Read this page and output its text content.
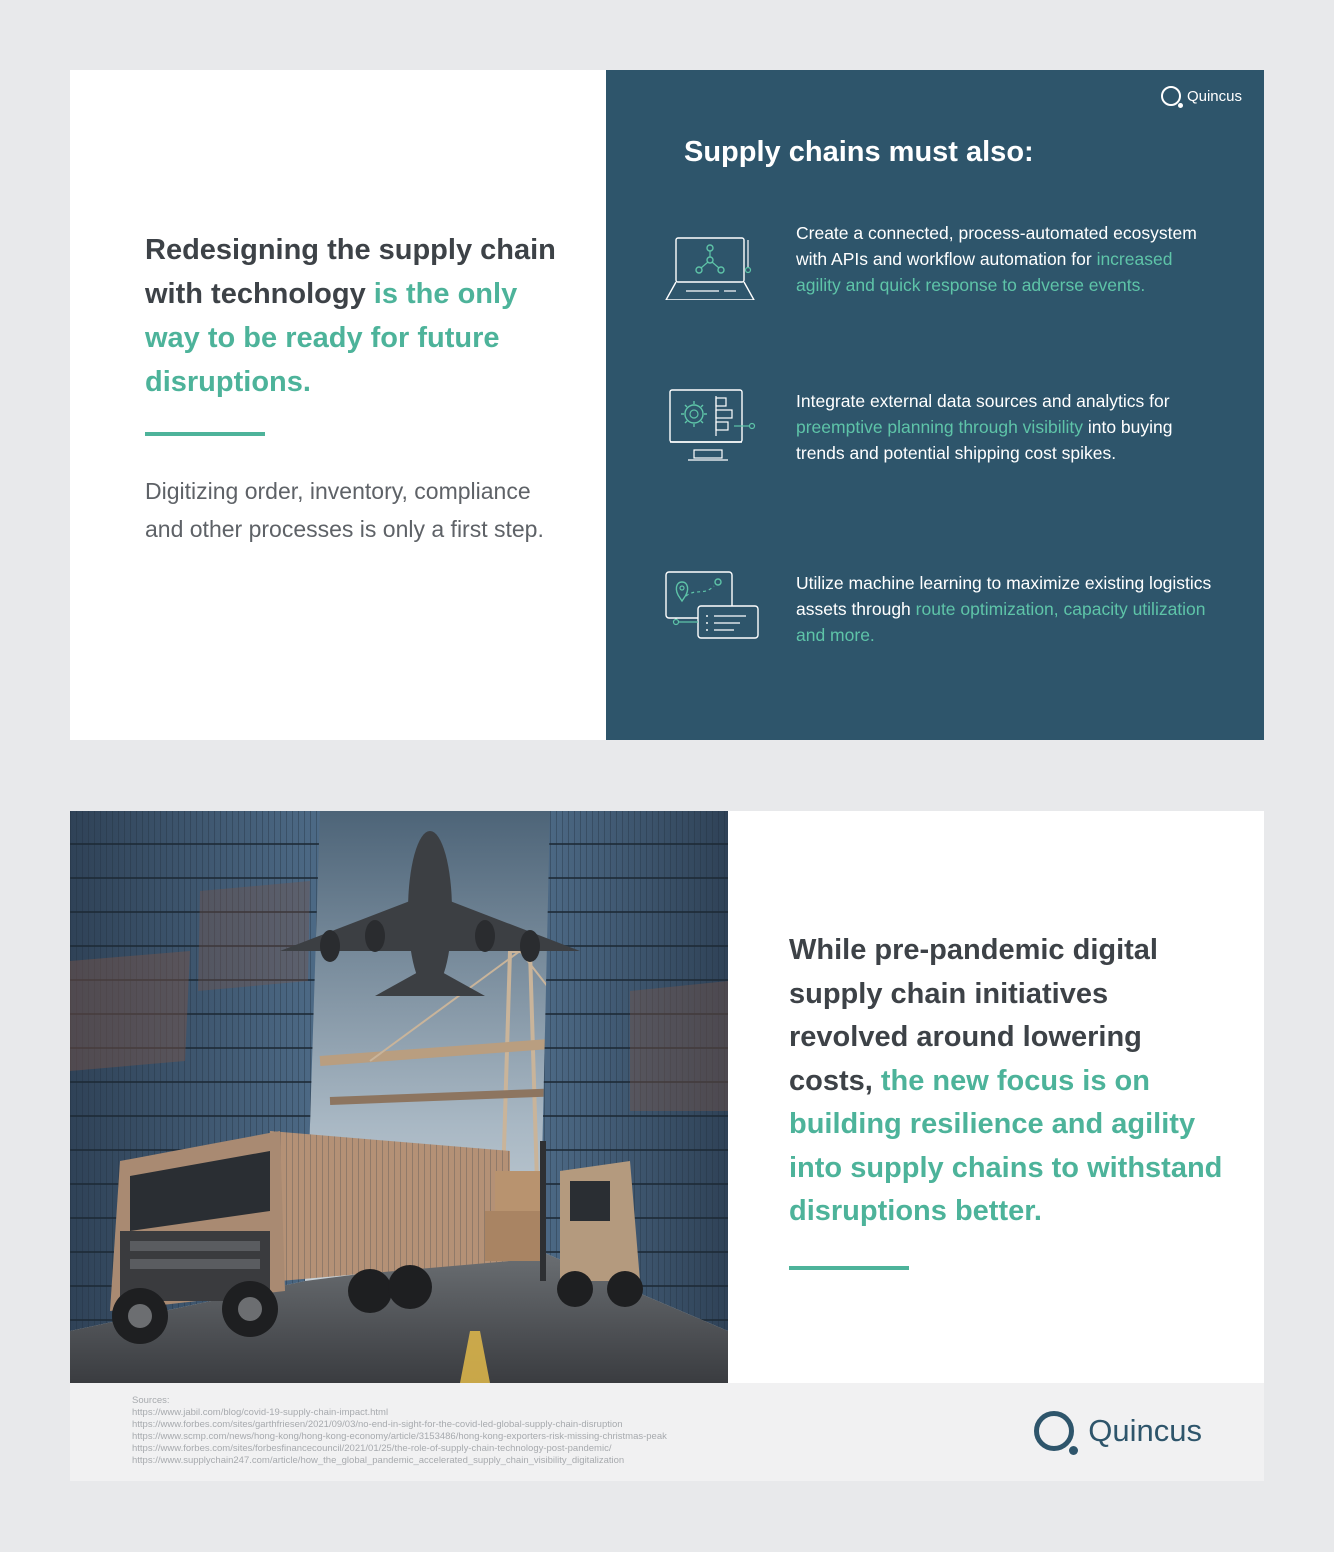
Redesigning the supply chain with technology is the only way to be ready for future disruptions.
Digitizing order, inventory, compliance and other processes is only a first step.
Quincus
Supply chains must also:
Create a connected, process-automated ecosystem with APIs and workflow automation for increased agility and quick response to adverse events.
Integrate external data sources and analytics for preemptive planning through visibility into buying trends and potential shipping cost spikes.
Utilize machine learning to maximize existing logistics assets through route optimization, capacity utilization and more.
While pre-pandemic digital supply chain initiatives revolved around lowering costs, the new focus is on building resilience and agility into supply chains to withstand disruptions better.
Sources:
https://www.jabil.com/blog/covid-19-supply-chain-impact.html
https://www.forbes.com/sites/garthfriesen/2021/09/03/no-end-in-sight-for-the-covid-led-global-supply-chain-disruption
https://www.scmp.com/news/hong-kong/hong-kong-economy/article/3153486/hong-kong-exporters-risk-missing-christmas-peak
https://www.forbes.com/sites/forbesfinancecouncil/2021/01/25/the-role-of-supply-chain-technology-post-pandemic/
https://www.supplychain247.com/article/how_the_global_pandemic_accelerated_supply_chain_visibility_digitalization
Quincus
